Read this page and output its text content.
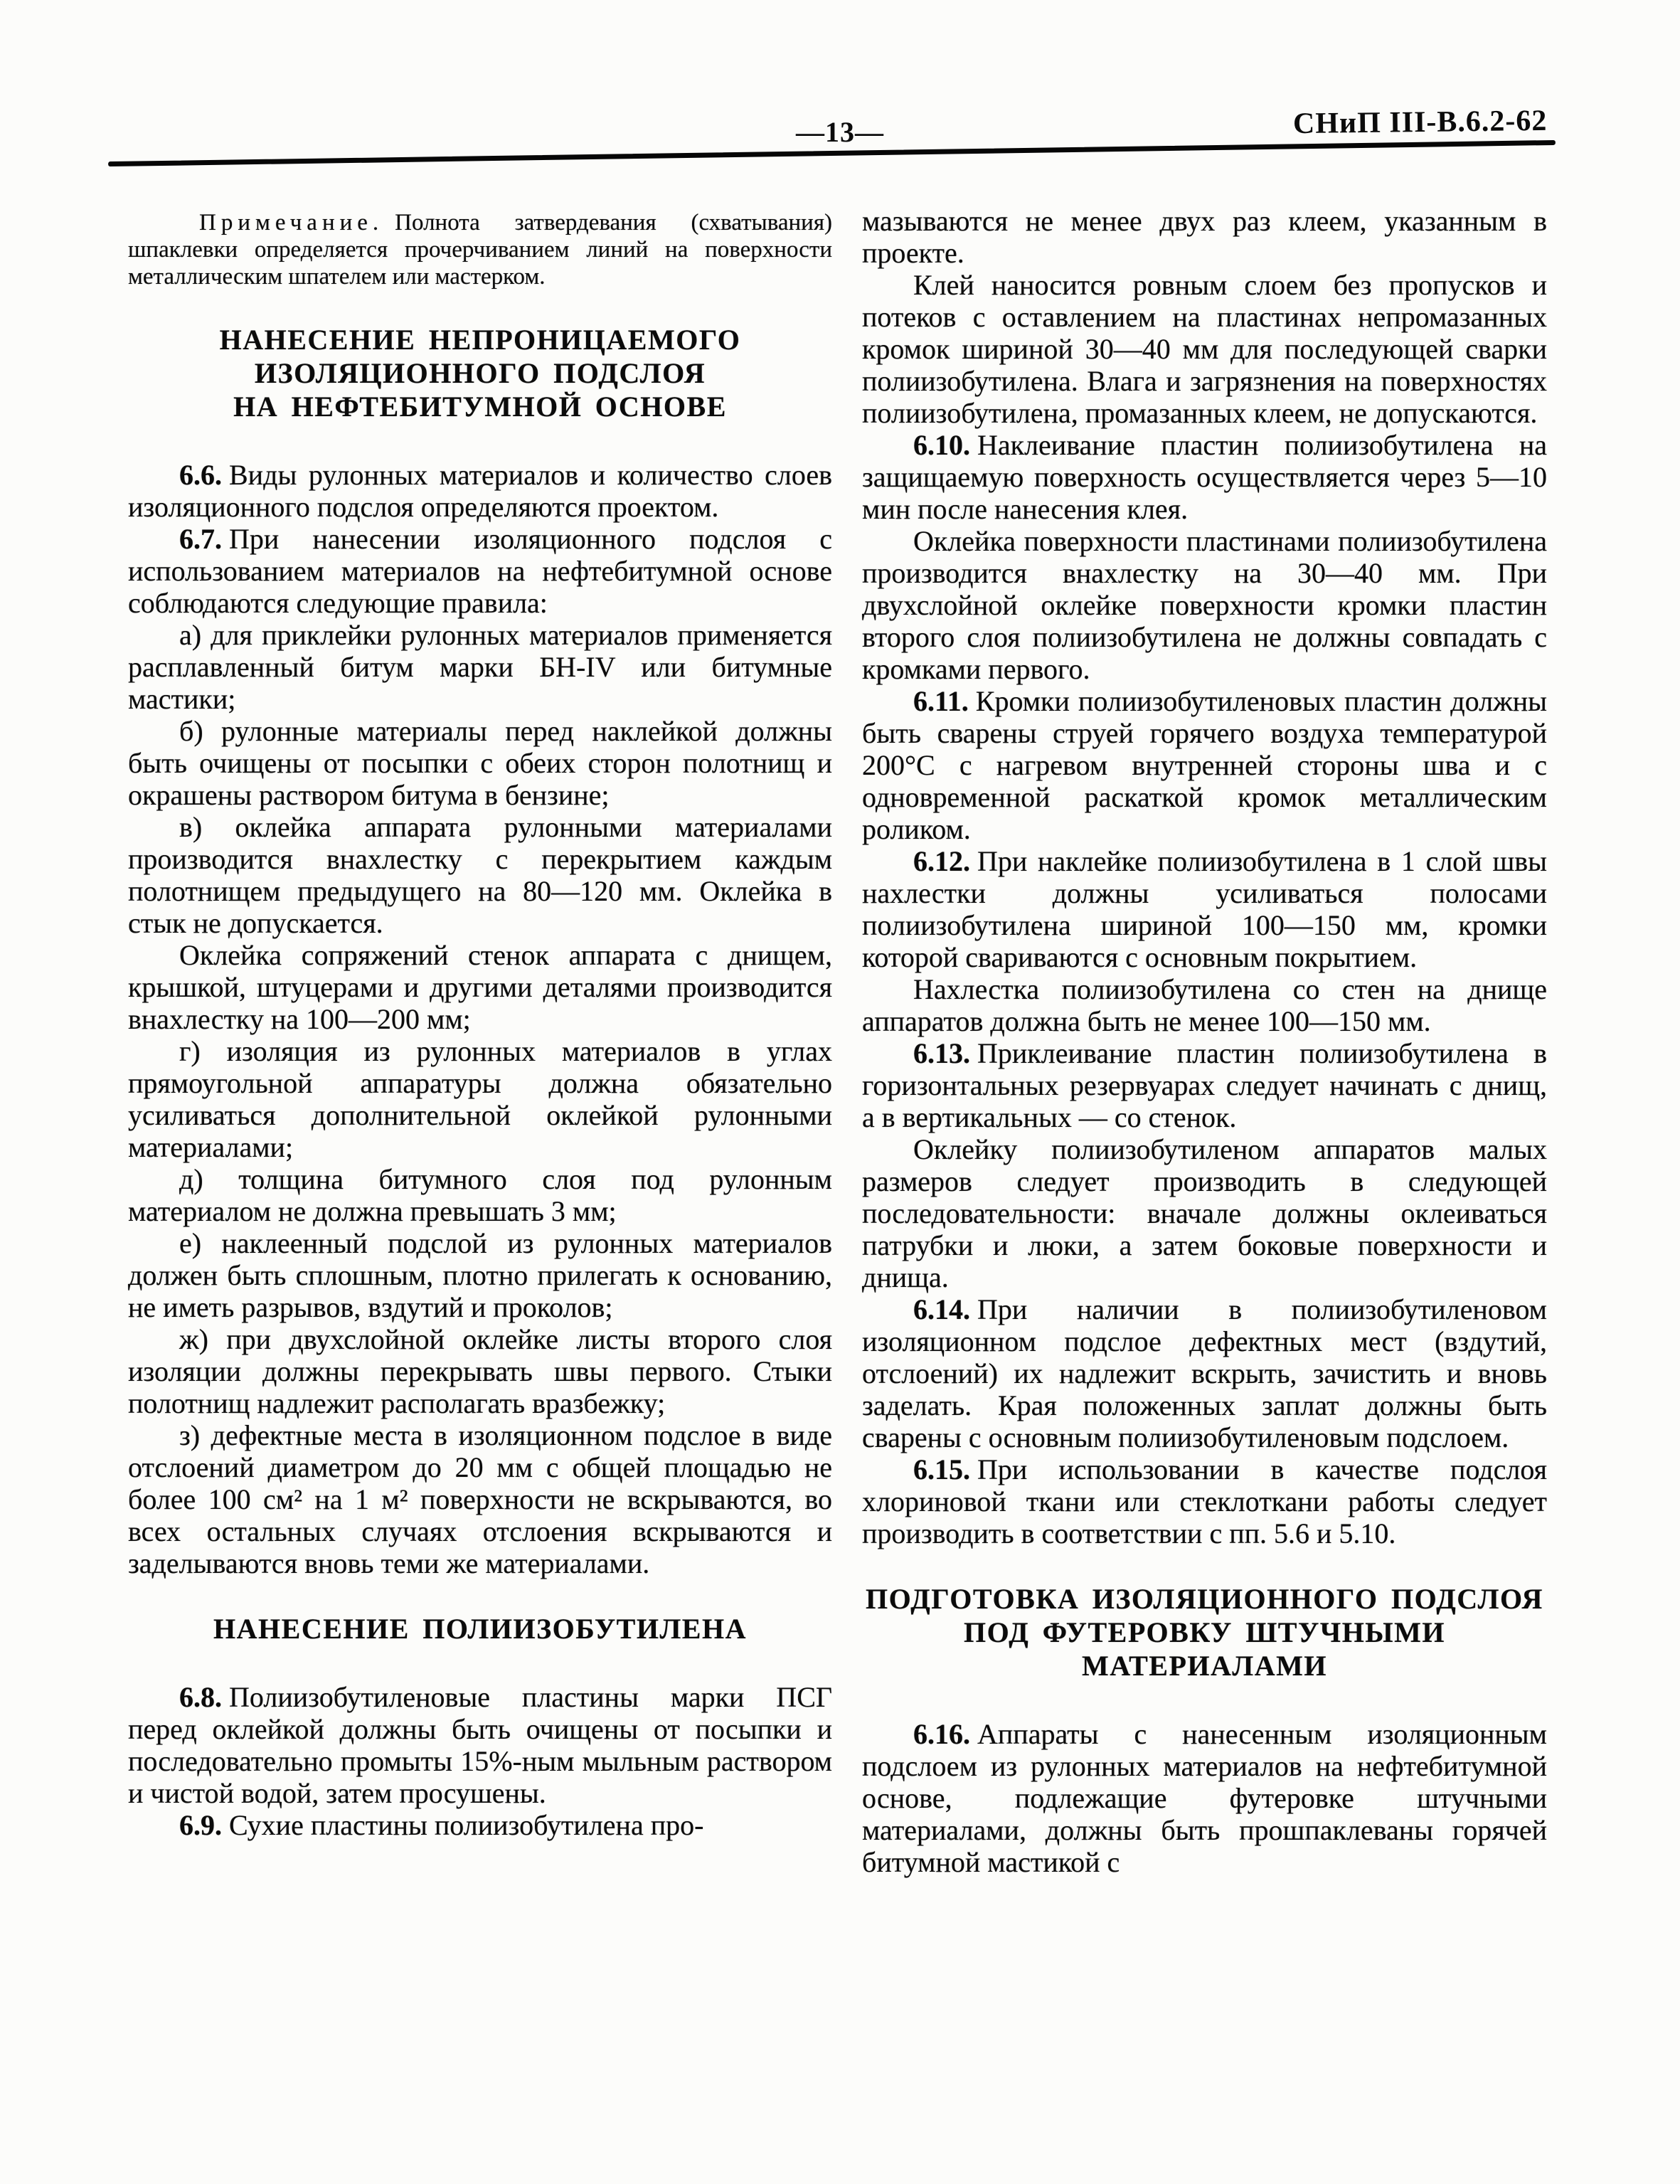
—13—	СНиП III-В.6.2-62

Примечание. Полнота затвердевания (схватывания) шпаклевки определяется прочерчиванием линий на поверхности металлическим шпателем или мастерком.

НАНЕСЕНИЕ НЕПРОНИЦАЕМОГО
ИЗОЛЯЦИОННОГО ПОДСЛОЯ
НА НЕФТЕБИТУМНОЙ ОСНОВЕ

6.6. Виды рулонных материалов и количество слоев изоляционного подслоя определяются проектом.

6.7. При нанесении изоляционного подслоя с использованием материалов на нефтебитумной основе соблюдаются следующие правила:

а) для приклейки рулонных материалов применяется расплавленный битум марки БН-IV или битумные мастики;

б) рулонные материалы перед наклейкой должны быть очищены от посыпки с обеих сторон полотнищ и окрашены раствором битума в бензине;

в) оклейка аппарата рулонными материалами производится внахлестку с перекрытием каждым полотнищем предыдущего на 80—120 мм. Оклейка в стык не допускается.

Оклейка сопряжений стенок аппарата с днищем, крышкой, штуцерами и другими деталями производится внахлестку на 100—200 мм;

г) изоляция из рулонных материалов в углах прямоугольной аппаратуры должна обязательно усиливаться дополнительной оклейкой рулонными материалами;

д) толщина битумного слоя под рулонным материалом не должна превышать 3 мм;

е) наклеенный подслой из рулонных материалов должен быть сплошным, плотно прилегать к основанию, не иметь разрывов, вздутий и проколов;

ж) при двухслойной оклейке листы второго слоя изоляции должны перекрывать швы первого. Стыки полотнищ надлежит располагать вразбежку;

з) дефектные места в изоляционном подслое в виде отслоений диаметром до 20 мм с общей площадью не более 100 см² на 1 м² поверхности не вскрываются, во всех остальных случаях отслоения вскрываются и заделываются вновь теми же материалами.

НАНЕСЕНИЕ ПОЛИИЗОБУТИЛЕНА

6.8. Полиизобутиленовые пластины марки ПСГ перед оклейкой должны быть очищены от посыпки и последовательно промыты 15%-ным мыльным раствором и чистой водой, затем просушены.

6.9. Сухие пластины полиизобутилена про-

мазываются не менее двух раз клеем, указанным в проекте.

Клей наносится ровным слоем без пропусков и потеков с оставлением на пластинах непромазанных кромок шириной 30—40 мм для последующей сварки полиизобутилена. Влага и загрязнения на поверхностях полиизобутилена, промазанных клеем, не допускаются.

6.10. Наклеивание пластин полиизобутилена на защищаемую поверхность осуществляется через 5—10 мин после нанесения клея.

Оклейка поверхности пластинами полиизобутилена производится внахлестку на 30—40 мм. При двухслойной оклейке поверхности кромки пластин второго слоя полиизобутилена не должны совпадать с кромками первого.

6.11. Кромки полиизобутиленовых пластин должны быть сварены струей горячего воздуха температурой 200°С с нагревом внутренней стороны шва и с одновременной раскаткой кромок металлическим роликом.

6.12. При наклейке полиизобутилена в 1 слой швы нахлестки должны усиливаться полосами полиизобутилена шириной 100—150 мм, кромки которой свариваются с основным покрытием.

Нахлестка полиизобутилена со стен на днище аппаратов должна быть не менее 100—150 мм.

6.13. Приклеивание пластин полиизобутилена в горизонтальных резервуарах следует начинать с днищ, а в вертикальных — со стенок.

Оклейку полиизобутиленом аппаратов малых размеров следует производить в следующей последовательности: вначале должны оклеиваться патрубки и люки, а затем боковые поверхности и днища.

6.14. При наличии в полиизобутиленовом изоляционном подслое дефектных мест (вздутий, отслоений) их надлежит вскрыть, зачистить и вновь заделать. Края положенных заплат должны быть сварены с основным полиизобутиленовым подслоем.

6.15. При использовании в качестве подслоя хлориновой ткани или стеклоткани работы следует производить в соответствии с пп. 5.6 и 5.10.

ПОДГОТОВКА ИЗОЛЯЦИОННОГО ПОДСЛОЯ
ПОД ФУТЕРОВКУ ШТУЧНЫМИ МАТЕРИАЛАМИ

6.16. Аппараты с нанесенным изоляционным подслоем из рулонных материалов на нефтебитумной основе, подлежащие футеровке штучными материалами, должны быть прошпаклеваны горячей битумной мастикой с
